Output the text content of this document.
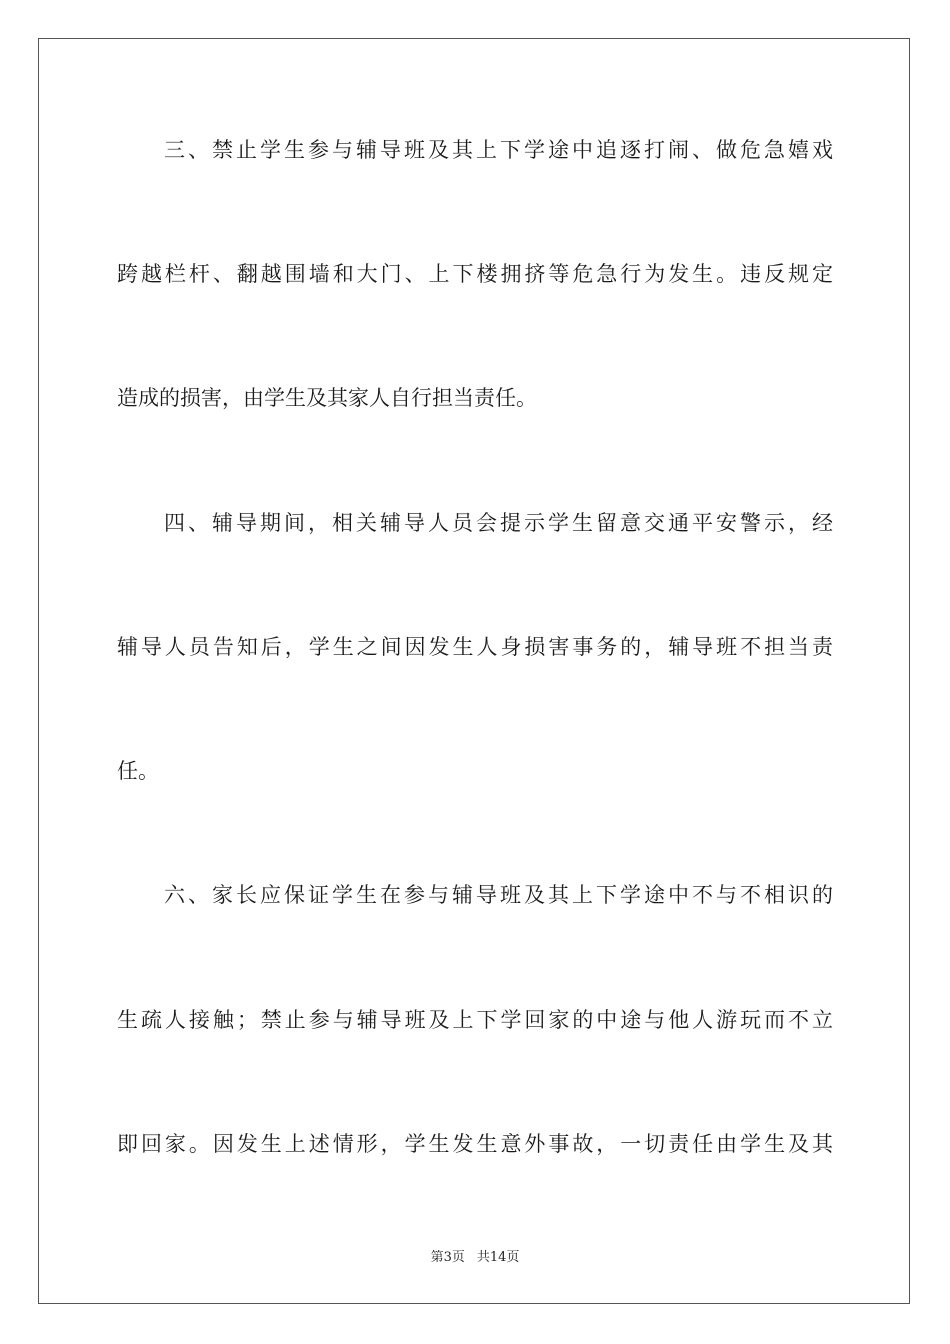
三、禁止学生参与辅导班及其上下学途中追逐打闹、做危急嬉戏
跨越栏杆、翻越围墙和大门、上下楼拥挤等危急行为发生。违反规定
造成的损害，由学生及其家人自行担当责任。
四、辅导期间，相关辅导人员会提示学生留意交通平安警示，经
辅导人员告知后，学生之间因发生人身损害事务的，辅导班不担当责
任。
六、家长应保证学生在参与辅导班及其上下学途中不与不相识的
生疏人接触；禁止参与辅导班及上下学回家的中途与他人游玩而不立
即回家。因发生上述情形，学生发生意外事故，一切责任由学生及其
第3页 共14页
